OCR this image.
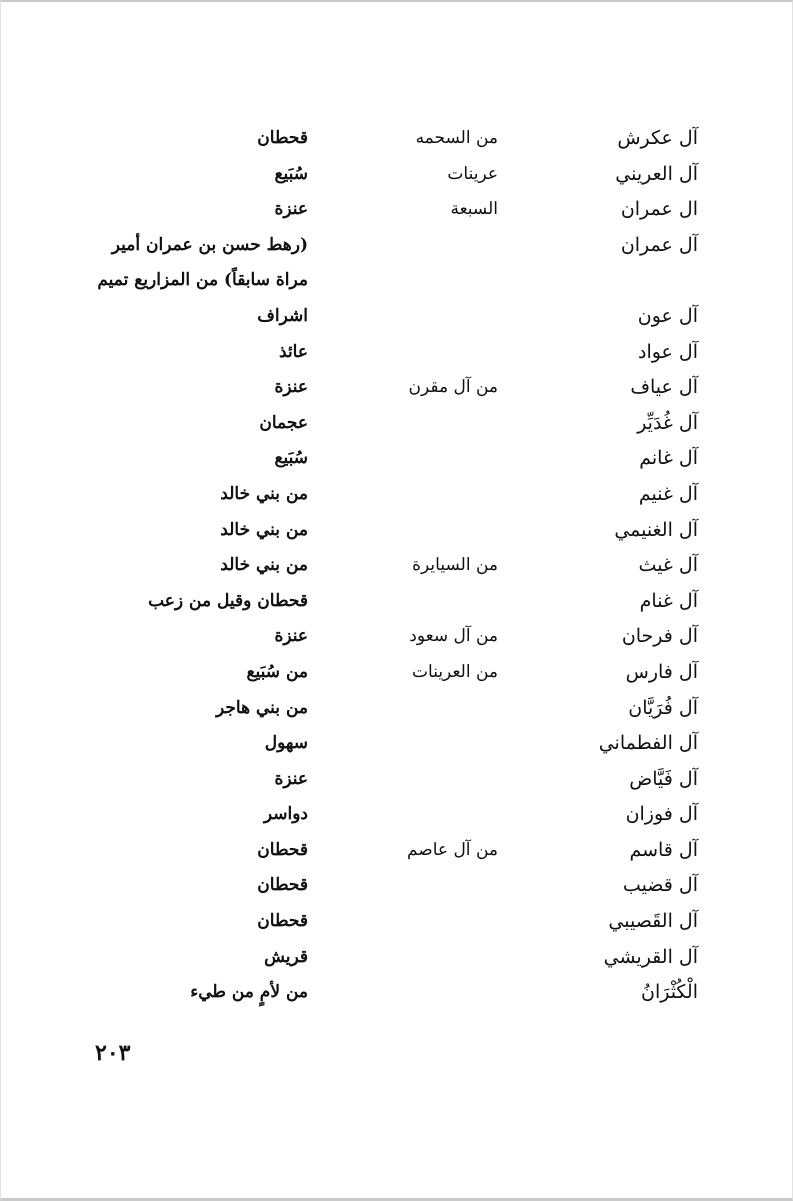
آل عكرش
من السحمه
قحطان
آل العريني
عرينات
سُبَيع
ال عمران
السبعة
عنزة
آل عمران
(رهط حسن بن عمران أمير
مراة سابقاً) من المزاريع تميم
آل عون
اشراف
آل عواد
عائذ
آل عياف
من آل مقرن
عنزة
آل غُدَيِّر
عجمان
آل غانم
سُبَيع
آل غنيم
من بني خالد
آل الغنيمي
من بني خالد
آل غيث
من السيايرة
من بني خالد
آل غنام
قحطان وقيل من زعب
آل فرحان
من آل سعود
عنزة
آل فارس
من العرينات
من سُبَيع
آل فُرَيَّان
من بني هاجر
آل الفطماني
سهول
آل فَيَّاض
عنزة
آل فوزان
دواسر
آل قاسم
من آل عاصم
قحطان
آل قضيب
قحطان
آل القَصيبي
قحطان
آل القريشي
قريش
الْكُثْرَانُ
من لأمٍ من طيء
٢٠٣
